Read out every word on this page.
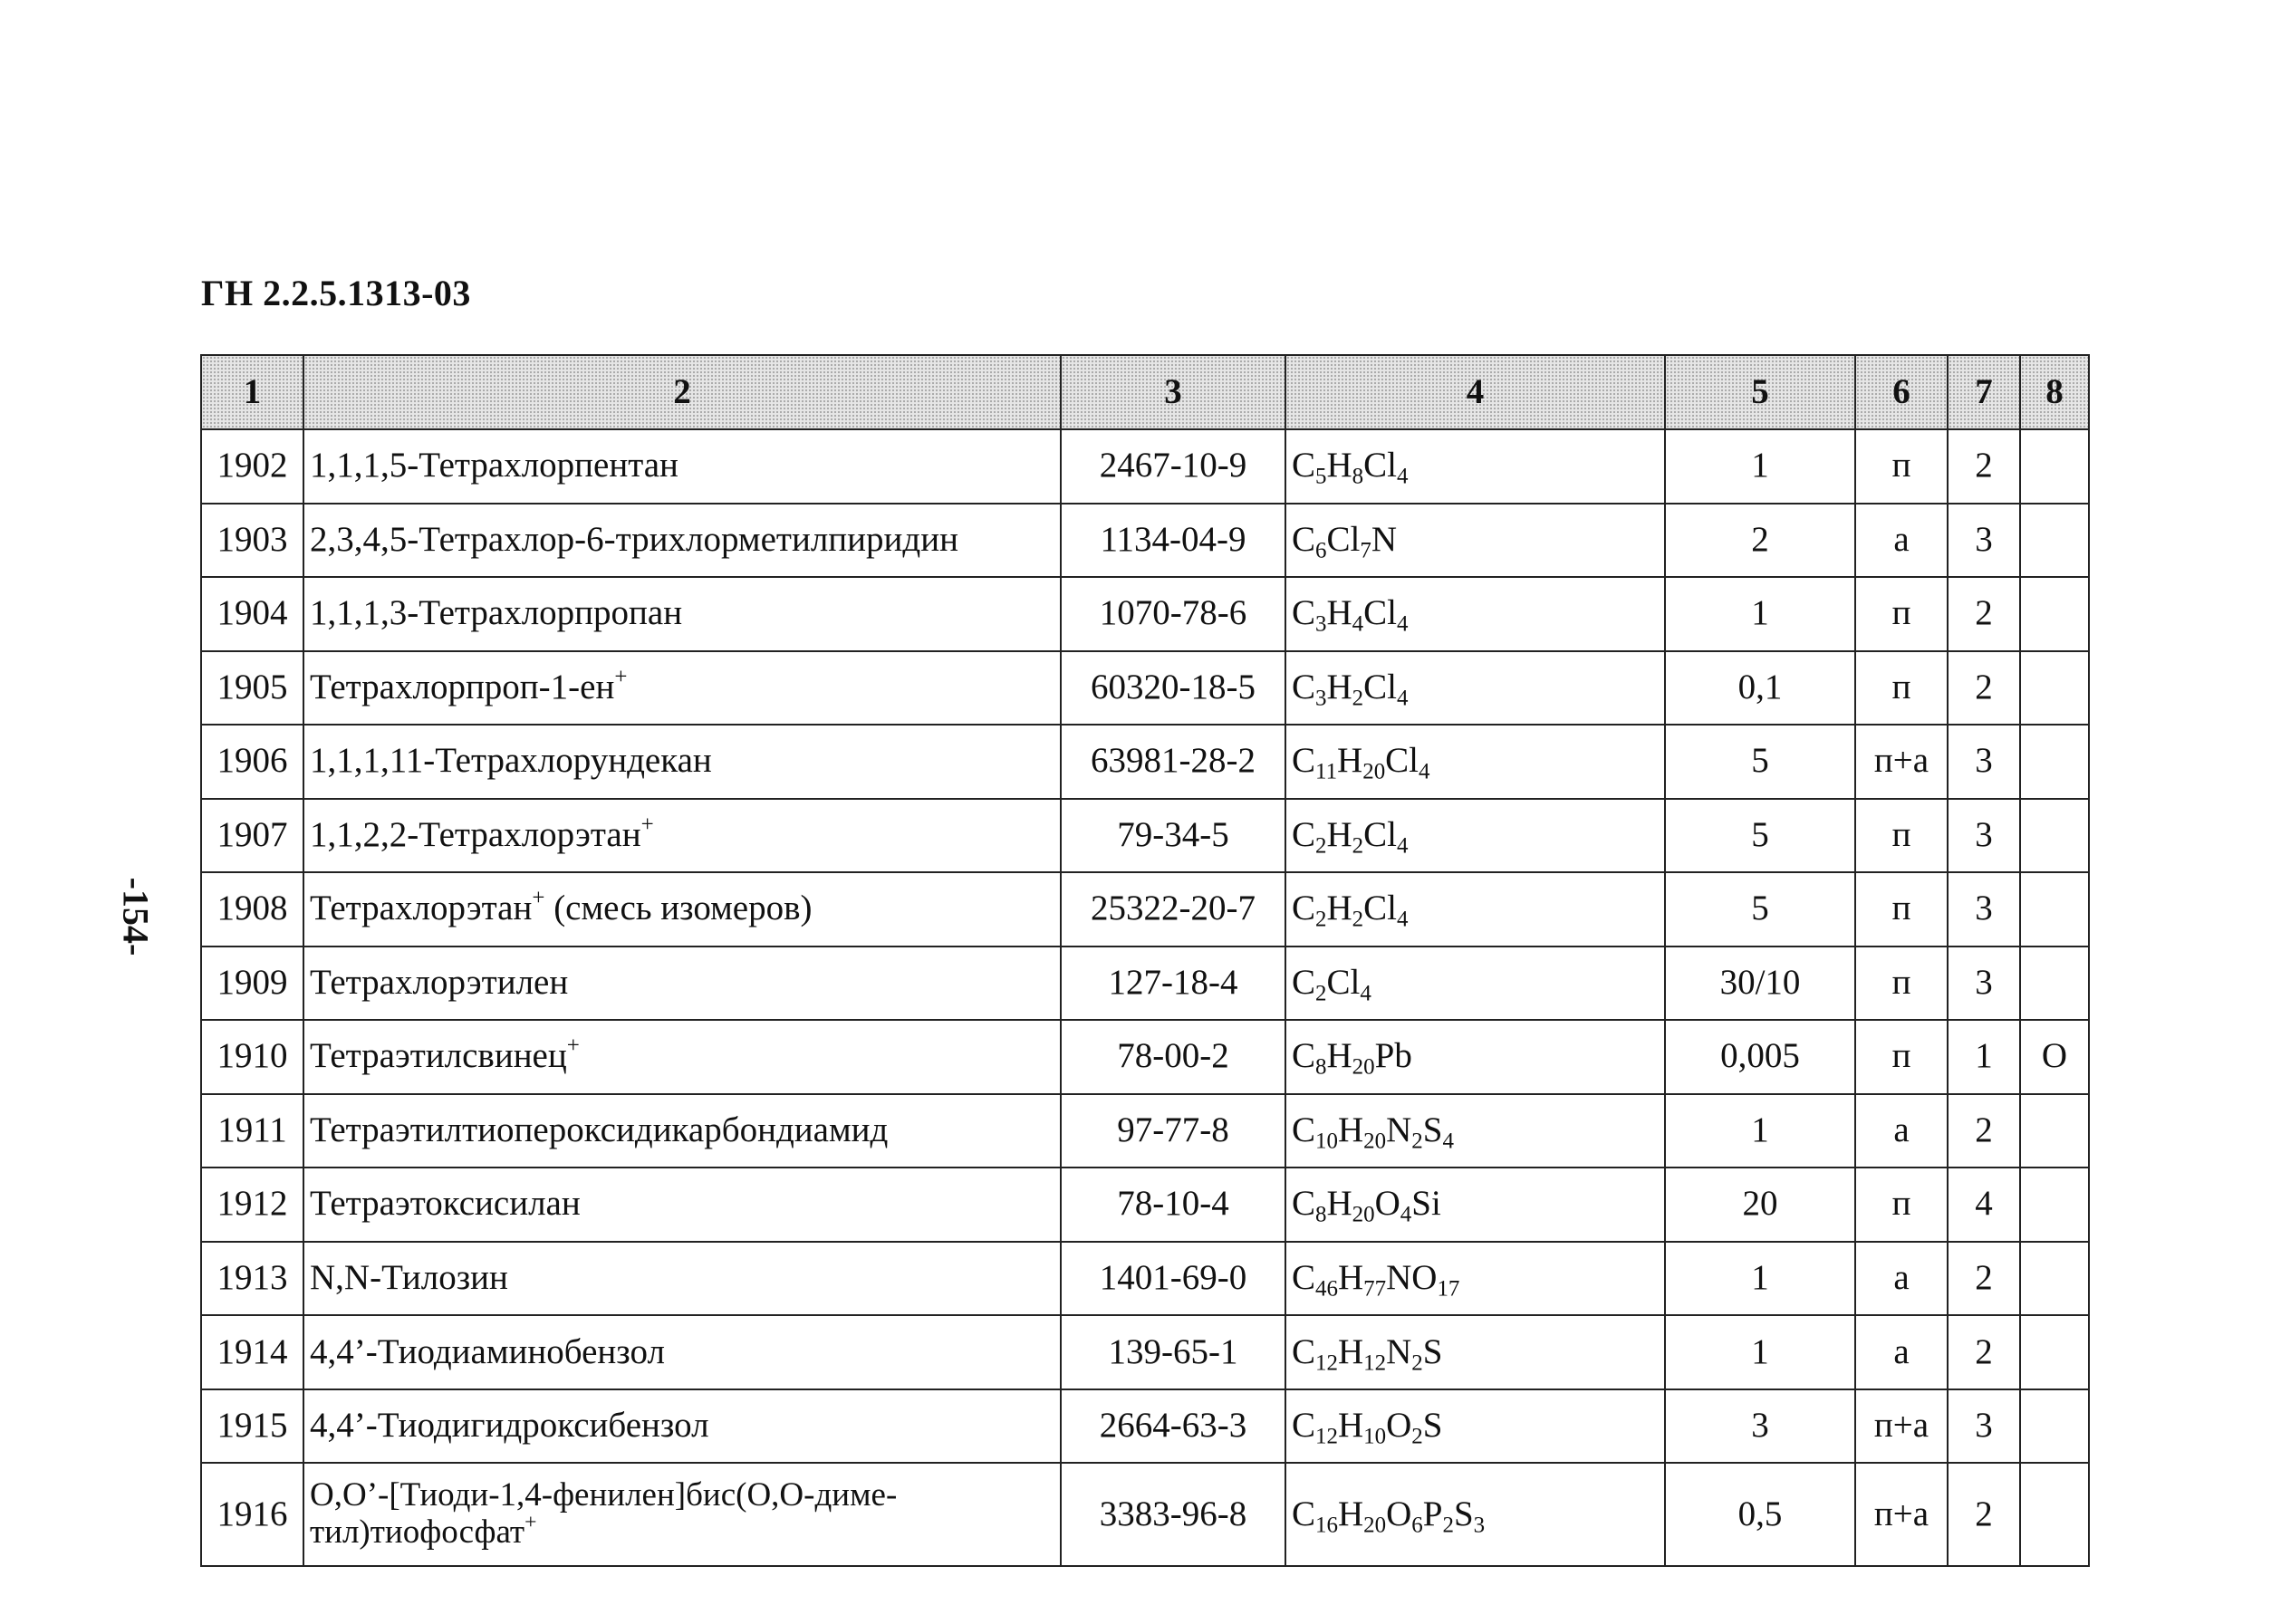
ГН 2.2.5.1313-03
-154-
1	2	3	4	5	6	7	8
1902	1,1,1,5-Тетрахлорпентан	2467-10-9	$C_5H_8Cl_4$	1	п	2	
1903	2,3,4,5-Тетрахлор-6-трихлорметилпиридин	1134-04-9	$C_6Cl_7N$	2	а	3	
1904	1,1,1,3-Тетрахлорпропан	1070-78-6	$C_3H_4Cl_4$	1	п	2	
1905	Тетрахлорпроп-1-ен+	60320-18-5	$C_3H_2Cl_4$	0,1	п	2	
1906	1,1,1,11-Тетрахлорундекан	63981-28-2	$C_{11}H_{20}Cl_4$	5	п+а	3	
1907	1,1,2,2-Тетрахлорэтан+	79-34-5	$C_2H_2Cl_4$	5	п	3	
1908	Тетрахлорэтан+ (смесь изомеров)	25322-20-7	$C_2H_2Cl_4$	5	п	3	
1909	Тетрахлорэтилен	127-18-4	$C_2Cl_4$	30/10	п	3	
1910	Тетраэтилсвинец+	78-00-2	$C_8H_{20}Pb$	0,005	п	1	О
1911	Тетраэтилтиопероксидикарбондиамид	97-77-8	$C_{10}H_{20}N_2S_4$	1	а	2	
1912	Тетраэтоксисилан	78-10-4	$C_8H_{20}O_4Si$	20	п	4	
1913	N,N-Тилозин	1401-69-0	$C_{46}H_{77}NO_{17}$	1	а	2	
1914	4,4’-Тиодиаминобензол	139-65-1	$C_{12}H_{12}N_2S$	1	а	2	
1915	4,4’-Тиодигидроксибензол	2664-63-3	$C_{12}H_{10}O_2S$	3	п+а	3	
1916	O,O’-[Тиоди-1,4-фенилен]бис(O,O-диме-
тил)тиофосфат+	3383-96-8	$C_{16}H_{20}O_6P_2S_3$	0,5	п+а	2	
